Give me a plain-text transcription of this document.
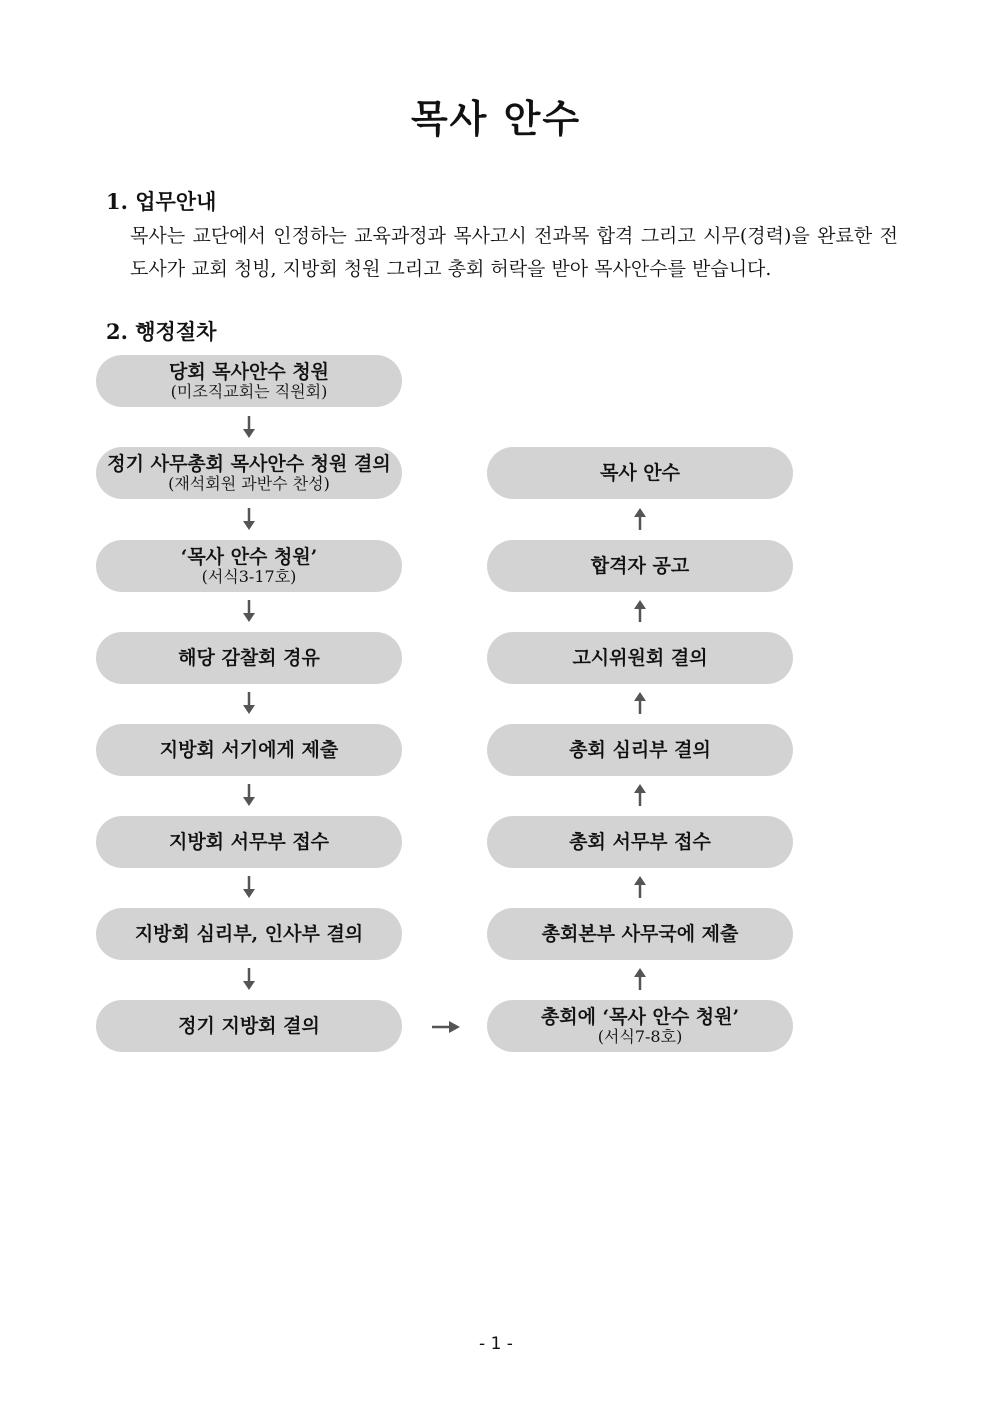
목사 안수
1. 업무안내

목사는 교단에서 인정하는 교육과정과 목사고시 전과목 합격 그리고 시무(경력)을 완료한 전도사가 교회 청빙, 지방회 청원 그리고 총회 허락을 받아 목사안수를 받습니다.

2. 행정절차
당회 목사안수 청원
(미조직교회는 직원회)
정기 사무총회 목사안수 청원 결의
(재석회원 과반수 찬성)
‘목사 안수 청원’
(서식3-17호)
해당 감찰회 경유
지방회 서기에게 제출
지방회 서무부 접수
지방회 심리부, 인사부 결의
정기 지방회 결의
목사 안수
합격자 공고
고시위원회 결의
총회 심리부 결의
총회 서무부 접수
총회본부 사무국에 제출
총회에 ‘목사 안수 청원’
(서식7-8호)

- 1 -
